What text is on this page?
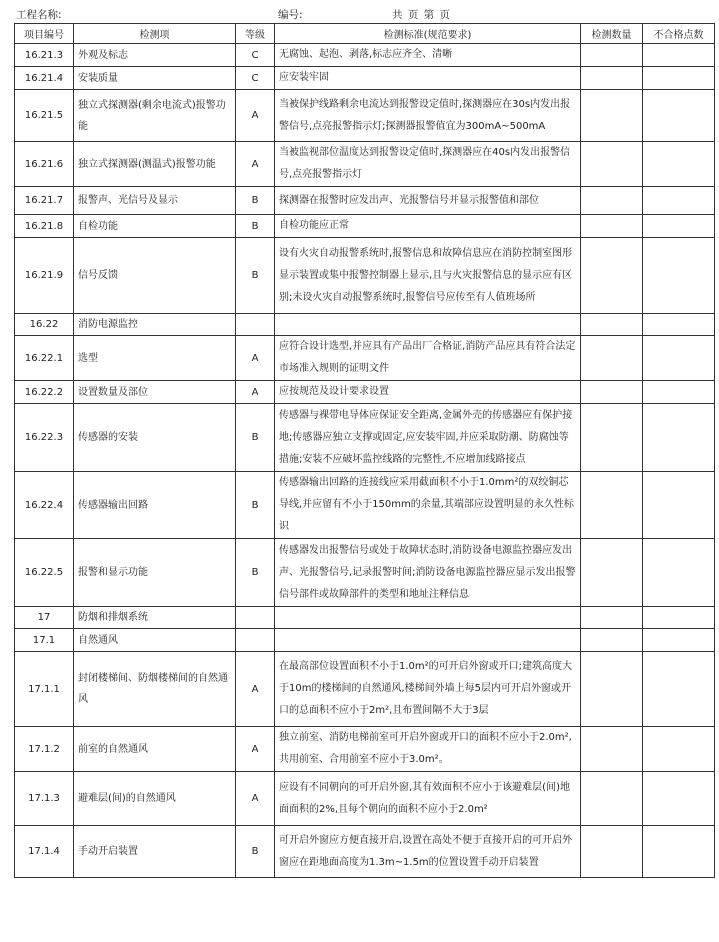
工程名称:	编号:	共 页 第 页
项目编号	检测项	等级	检测标准(规范要求)	检测数量	不合格点数
16.21.3	外观及标志	C	无腐蚀、起泡、剥落,标志应齐全、清晰		
16.21.4	安装质量	C	应安装牢固		
16.21.5	独立式探测器(剩余电流式)报警功能	A	当被保护线路剩余电流达到报警设定值时,探测器应在30s内发出报警信号,点亮报警指示灯;探测器报警值宜为300mA~500mA		
16.21.6	独立式探测器(测温式)报警功能	A	当被监视部位温度达到报警设定值时,探测器应在40s内发出报警信号,点亮报警指示灯		
16.21.7	报警声、光信号及显示	B	探测器在报警时应发出声、光报警信号并显示报警值和部位		
16.21.8	自检功能	B	自检功能应正常		
16.21.9	信号反馈	B	设有火灾自动报警系统时,报警信息和故障信息应在消防控制室图形显示装置或集中报警控制器上显示,且与火灾报警信息的显示应有区别;未设火灾自动报警系统时,报警信号应传至有人值班场所		
16.22	消防电源监控				
16.22.1	选型	A	应符合设计选型,并应具有产品出厂合格证,消防产品应具有符合法定市场准入规则的证明文件		
16.22.2	设置数量及部位	A	应按规范及设计要求设置		
16.22.3	传感器的安装	B	传感器与裸带电导体应保证安全距离,金属外壳的传感器应有保护接地;传感器应独立支撑或固定,应安装牢固,并应采取防潮、防腐蚀等措施;安装不应破坏监控线路的完整性,不应增加线路接点		
16.22.4	传感器输出回路	B	传感器输出回路的连接线应采用截面积不小于1.0mm²的双绞铜芯导线,并应留有不小于150mm的余量,其端部应设置明显的永久性标识		
16.22.5	报警和显示功能	B	传感器发出报警信号或处于故障状态时,消防设备电源监控器应发出声、光报警信号,记录报警时间;消防设备电源监控器应显示发出报警信号部件或故障部件的类型和地址注释信息		
17	防烟和排烟系统				
17.1	自然通风				
17.1.1	封闭楼梯间、防烟楼梯间的自然通风	A	在最高部位设置面积不小于1.0m²的可开启外窗或开口;建筑高度大于10m的楼梯间的自然通风,楼梯间外墙上每5层内可开启外窗或开口的总面积不应小于2m²,且布置间隔不大于3层		
17.1.2	前室的自然通风	A	独立前室、消防电梯前室可开启外窗或开口的面积不应小于2.0m²,共用前室、合用前室不应小于3.0m²。		
17.1.3	避难层(间)的自然通风	A	应设有不同朝向的可开启外窗,其有效面积不应小于该避难层(间)地面面积的2%,且每个朝向的面积不应小于2.0m²		
17.1.4	手动开启装置	B	可开启外窗应方便直接开启,设置在高处不便于直接开启的可开启外窗应在距地面高度为1.3m~1.5m的位置设置手动开启装置		
